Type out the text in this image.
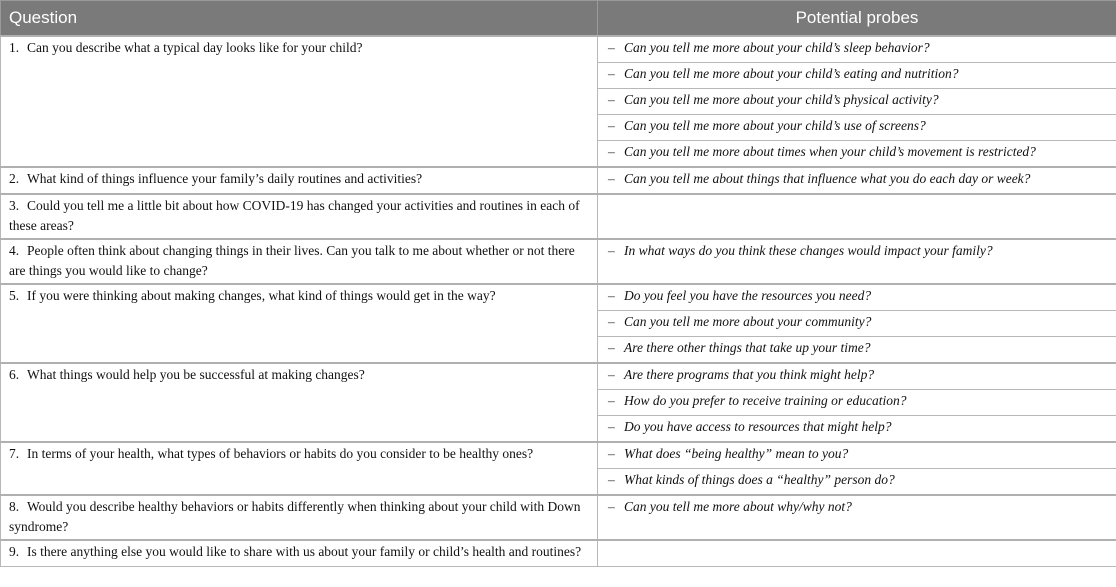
Question	Potential probes
1. Can you describe what a typical day looks like for your child?	– Can you tell me more about your child’s sleep behavior?
	– Can you tell me more about your child’s eating and nutrition?
	– Can you tell me more about your child’s physical activity?
	– Can you tell me more about your child’s use of screens?
	– Can you tell me more about times when your child’s movement is restricted?
2. What kind of things influence your family’s daily routines and activities?	– Can you tell me about things that influence what you do each day or week?
3. Could you tell me a little bit about how COVID-19 has changed your activities and routines in each of these areas?	
4. People often think about changing things in their lives. Can you talk to me about whether or not there are things you would like to change?	– In what ways do you think these changes would impact your family?
5. If you were thinking about making changes, what kind of things would get in the way?	– Do you feel you have the resources you need?
	– Can you tell me more about your community?
	– Are there other things that take up your time?
6. What things would help you be successful at making changes?	– Are there programs that you think might help?
	– How do you prefer to receive training or education?
	– Do you have access to resources that might help?
7. In terms of your health, what types of behaviors or habits do you consider to be healthy ones?	– What does “being healthy” mean to you?
	– What kinds of things does a “healthy” person do?
8. Would you describe healthy behaviors or habits differently when thinking about your child with Down syndrome?	– Can you tell me more about why/why not?
9. Is there anything else you would like to share with us about your family or child’s health and routines?	
